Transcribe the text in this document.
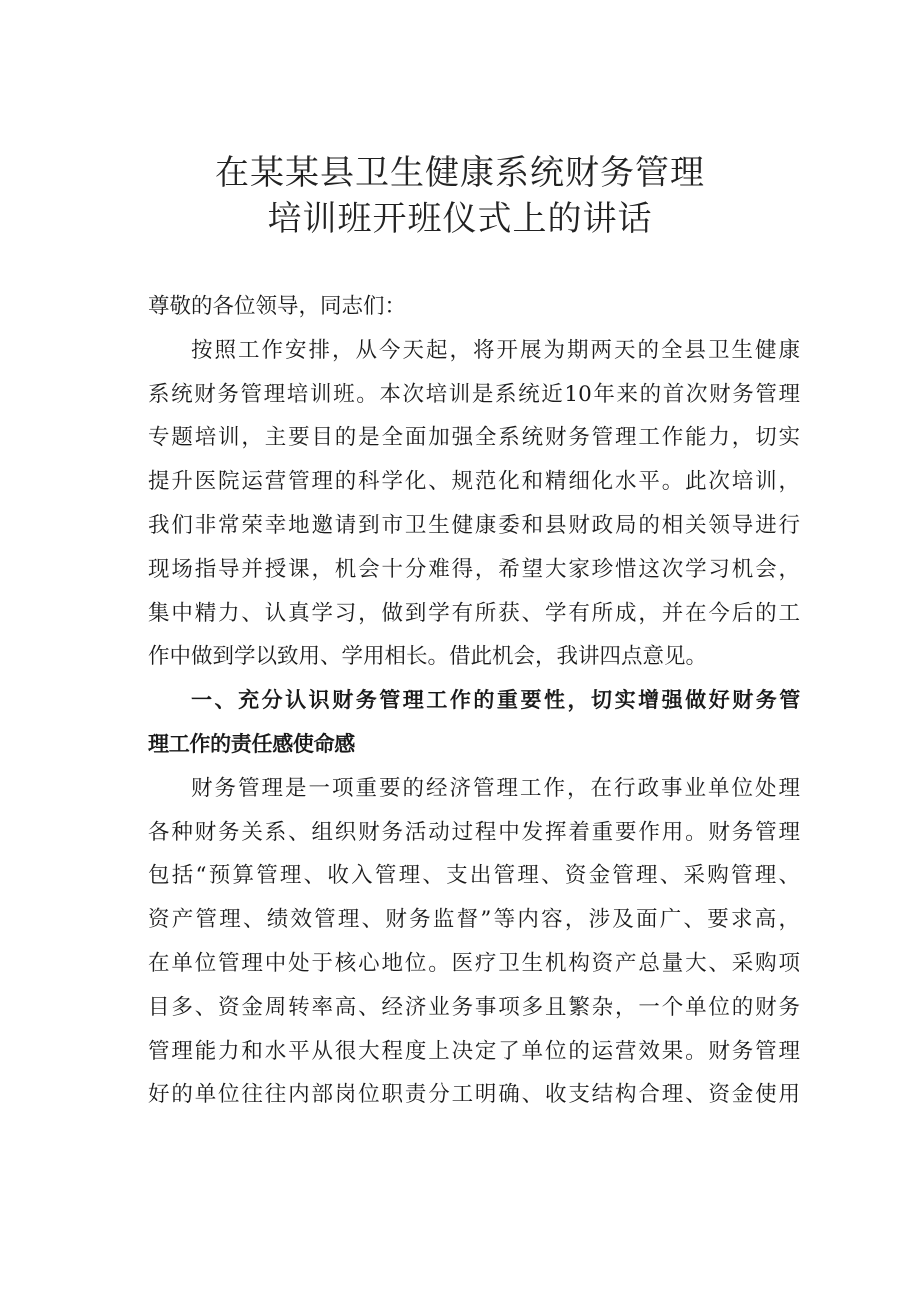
在某某县卫生健康系统财务管理
培训班开班仪式上的讲话
尊敬的各位领导，同志们：
按照工作安排，从今天起，将开展为期两天的全县卫生健康
系统财务管理培训班。本次培训是系统近10年来的首次财务管理
专题培训，主要目的是全面加强全系统财务管理工作能力，切实
提升医院运营管理的科学化、规范化和精细化水平。此次培训，
我们非常荣幸地邀请到市卫生健康委和县财政局的相关领导进行
现场指导并授课，机会十分难得，希望大家珍惜这次学习机会，
集中精力、认真学习，做到学有所获、学有所成，并在今后的工
作中做到学以致用、学用相长。借此机会，我讲四点意见。
一、充分认识财务管理工作的重要性，切实增强做好财务管
理工作的责任感使命感
财务管理是一项重要的经济管理工作，在行政事业单位处理
各种财务关系、组织财务活动过程中发挥着重要作用。财务管理
包括“预算管理、收入管理、支出管理、资金管理、采购管理、
资产管理、绩效管理、财务监督”等内容，涉及面广、要求高，
在单位管理中处于核心地位。医疗卫生机构资产总量大、采购项
目多、资金周转率高、经济业务事项多且繁杂，一个单位的财务
管理能力和水平从很大程度上决定了单位的运营效果。财务管理
好的单位往往内部岗位职责分工明确、收支结构合理、资金使用
